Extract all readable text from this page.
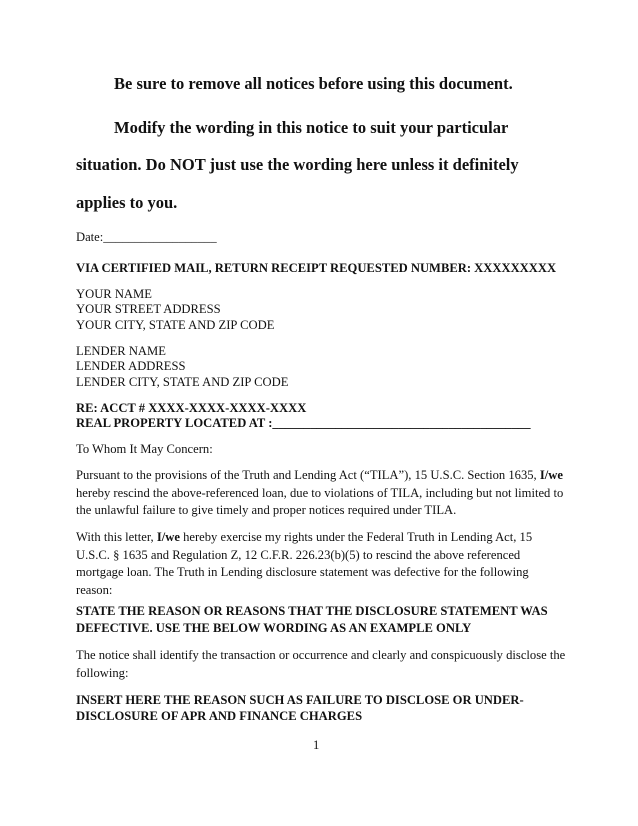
Be sure to remove all notices before using this document.
Modify the wording in this notice to suit your particular
situation. Do NOT just use the wording here unless it definitely
applies to you.
Date:__________________
VIA CERTIFIED MAIL, RETURN RECEIPT REQUESTED NUMBER: XXXXXXXXX
YOUR NAME
YOUR STREET ADDRESS
YOUR CITY, STATE AND ZIP CODE
LENDER NAME
LENDER ADDRESS
LENDER CITY, STATE AND ZIP CODE
RE: ACCT # XXXX-XXXX-XXXX-XXXX
REAL PROPERTY LOCATED AT :_________________________________________
To Whom It May Concern:
Pursuant to the provisions of the Truth and Lending Act (“TILA”), 15 U.S.C. Section 1635, I/we hereby rescind the above-referenced loan, due to violations of TILA, including but not limited to the unlawful failure to give timely and proper notices required under TILA.
With this letter, I/we hereby exercise my rights under the Federal Truth in Lending Act, 15 U.S.C. § 1635 and Regulation Z, 12 C.F.R. 226.23(b)(5) to rescind the above referenced mortgage loan. The Truth in Lending disclosure statement was defective for the following reason:
STATE THE REASON OR REASONS THAT THE DISCLOSURE STATEMENT WAS
DEFECTIVE. USE THE BELOW WORDING AS AN EXAMPLE ONLY
The notice shall identify the transaction or occurrence and clearly and conspicuously disclose the following:
INSERT HERE THE REASON SUCH AS FAILURE TO DISCLOSE OR UNDER-
DISCLOSURE OF APR AND FINANCE CHARGES
1
